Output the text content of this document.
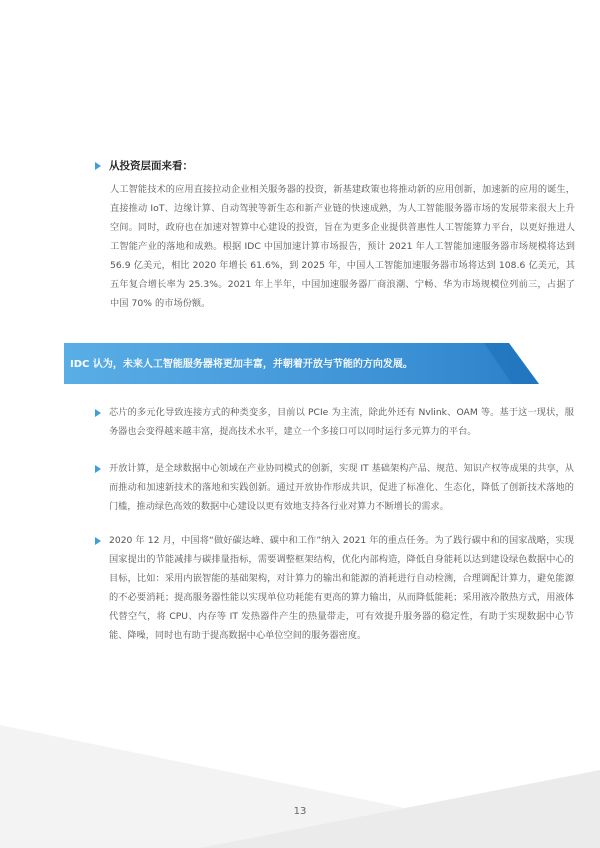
从投资层面来看：
人工智能技术的应用直接拉动企业相关服务器的投资，新基建政策也将推动新的应用创新，加速新的应用的诞生，直接推动 IoT、边缘计算、自动驾驶等新生态和新产业链的快速成熟，为人工智能服务器市场的发展带来很大上升空间。同时，政府也在加速对智算中心建设的投资，旨在为更多企业提供普惠性人工智能算力平台，以更好推进人工智能产业的落地和成熟。根据 IDC 中国加速计算市场报告，预计 2021 年人工智能加速服务器市场规模将达到 56.9 亿美元，相比 2020 年增长 61.6%，到 2025 年，中国人工智能加速服务器市场将达到 108.6 亿美元，其五年复合增长率为 25.3%。2021 年上半年，中国加速服务器厂商浪潮、宁畅、华为市场规模位列前三，占据了中国 70% 的市场份额。
IDC 认为，未来人工智能服务器将更加丰富，并朝着开放与节能的方向发展。
芯片的多元化导致连接方式的种类变多，目前以 PCIe 为主流，除此外还有 Nvlink、OAM 等。基于这一现状，服务器也会变得越来越丰富，提高技术水平，建立一个多接口可以同时运行多元算力的平台。
开放计算，是全球数据中心领域在产业协同模式的创新，实现 IT 基础架构产品、规范、知识产权等成果的共享，从而推动和加速新技术的落地和实践创新。通过开放协作形成共识，促进了标准化、生态化，降低了创新技术落地的门槛，推动绿色高效的数据中心建设以更有效地支持各行业对算力不断增长的需求。
2020 年 12 月，中国将“做好碳达峰、碳中和工作”纳入 2021 年的重点任务。为了践行碳中和的国家战略，实现国家提出的节能减排与碳排量指标，需要调整框架结构，优化内部构造，降低自身能耗以达到建设绿色数据中心的目标，比如：采用内嵌智能的基础架构，对计算力的输出和能源的消耗进行自动检测，合理调配计算力，避免能源的不必要消耗；提高服务器性能以实现单位功耗能有更高的算力输出，从而降低能耗；采用液冷散热方式，用液体代替空气，将 CPU、内存等 IT 发热器件产生的热量带走，可有效提升服务器的稳定性，有助于实现数据中心节能、降噪，同时也有助于提高数据中心单位空间的服务器密度。
13
